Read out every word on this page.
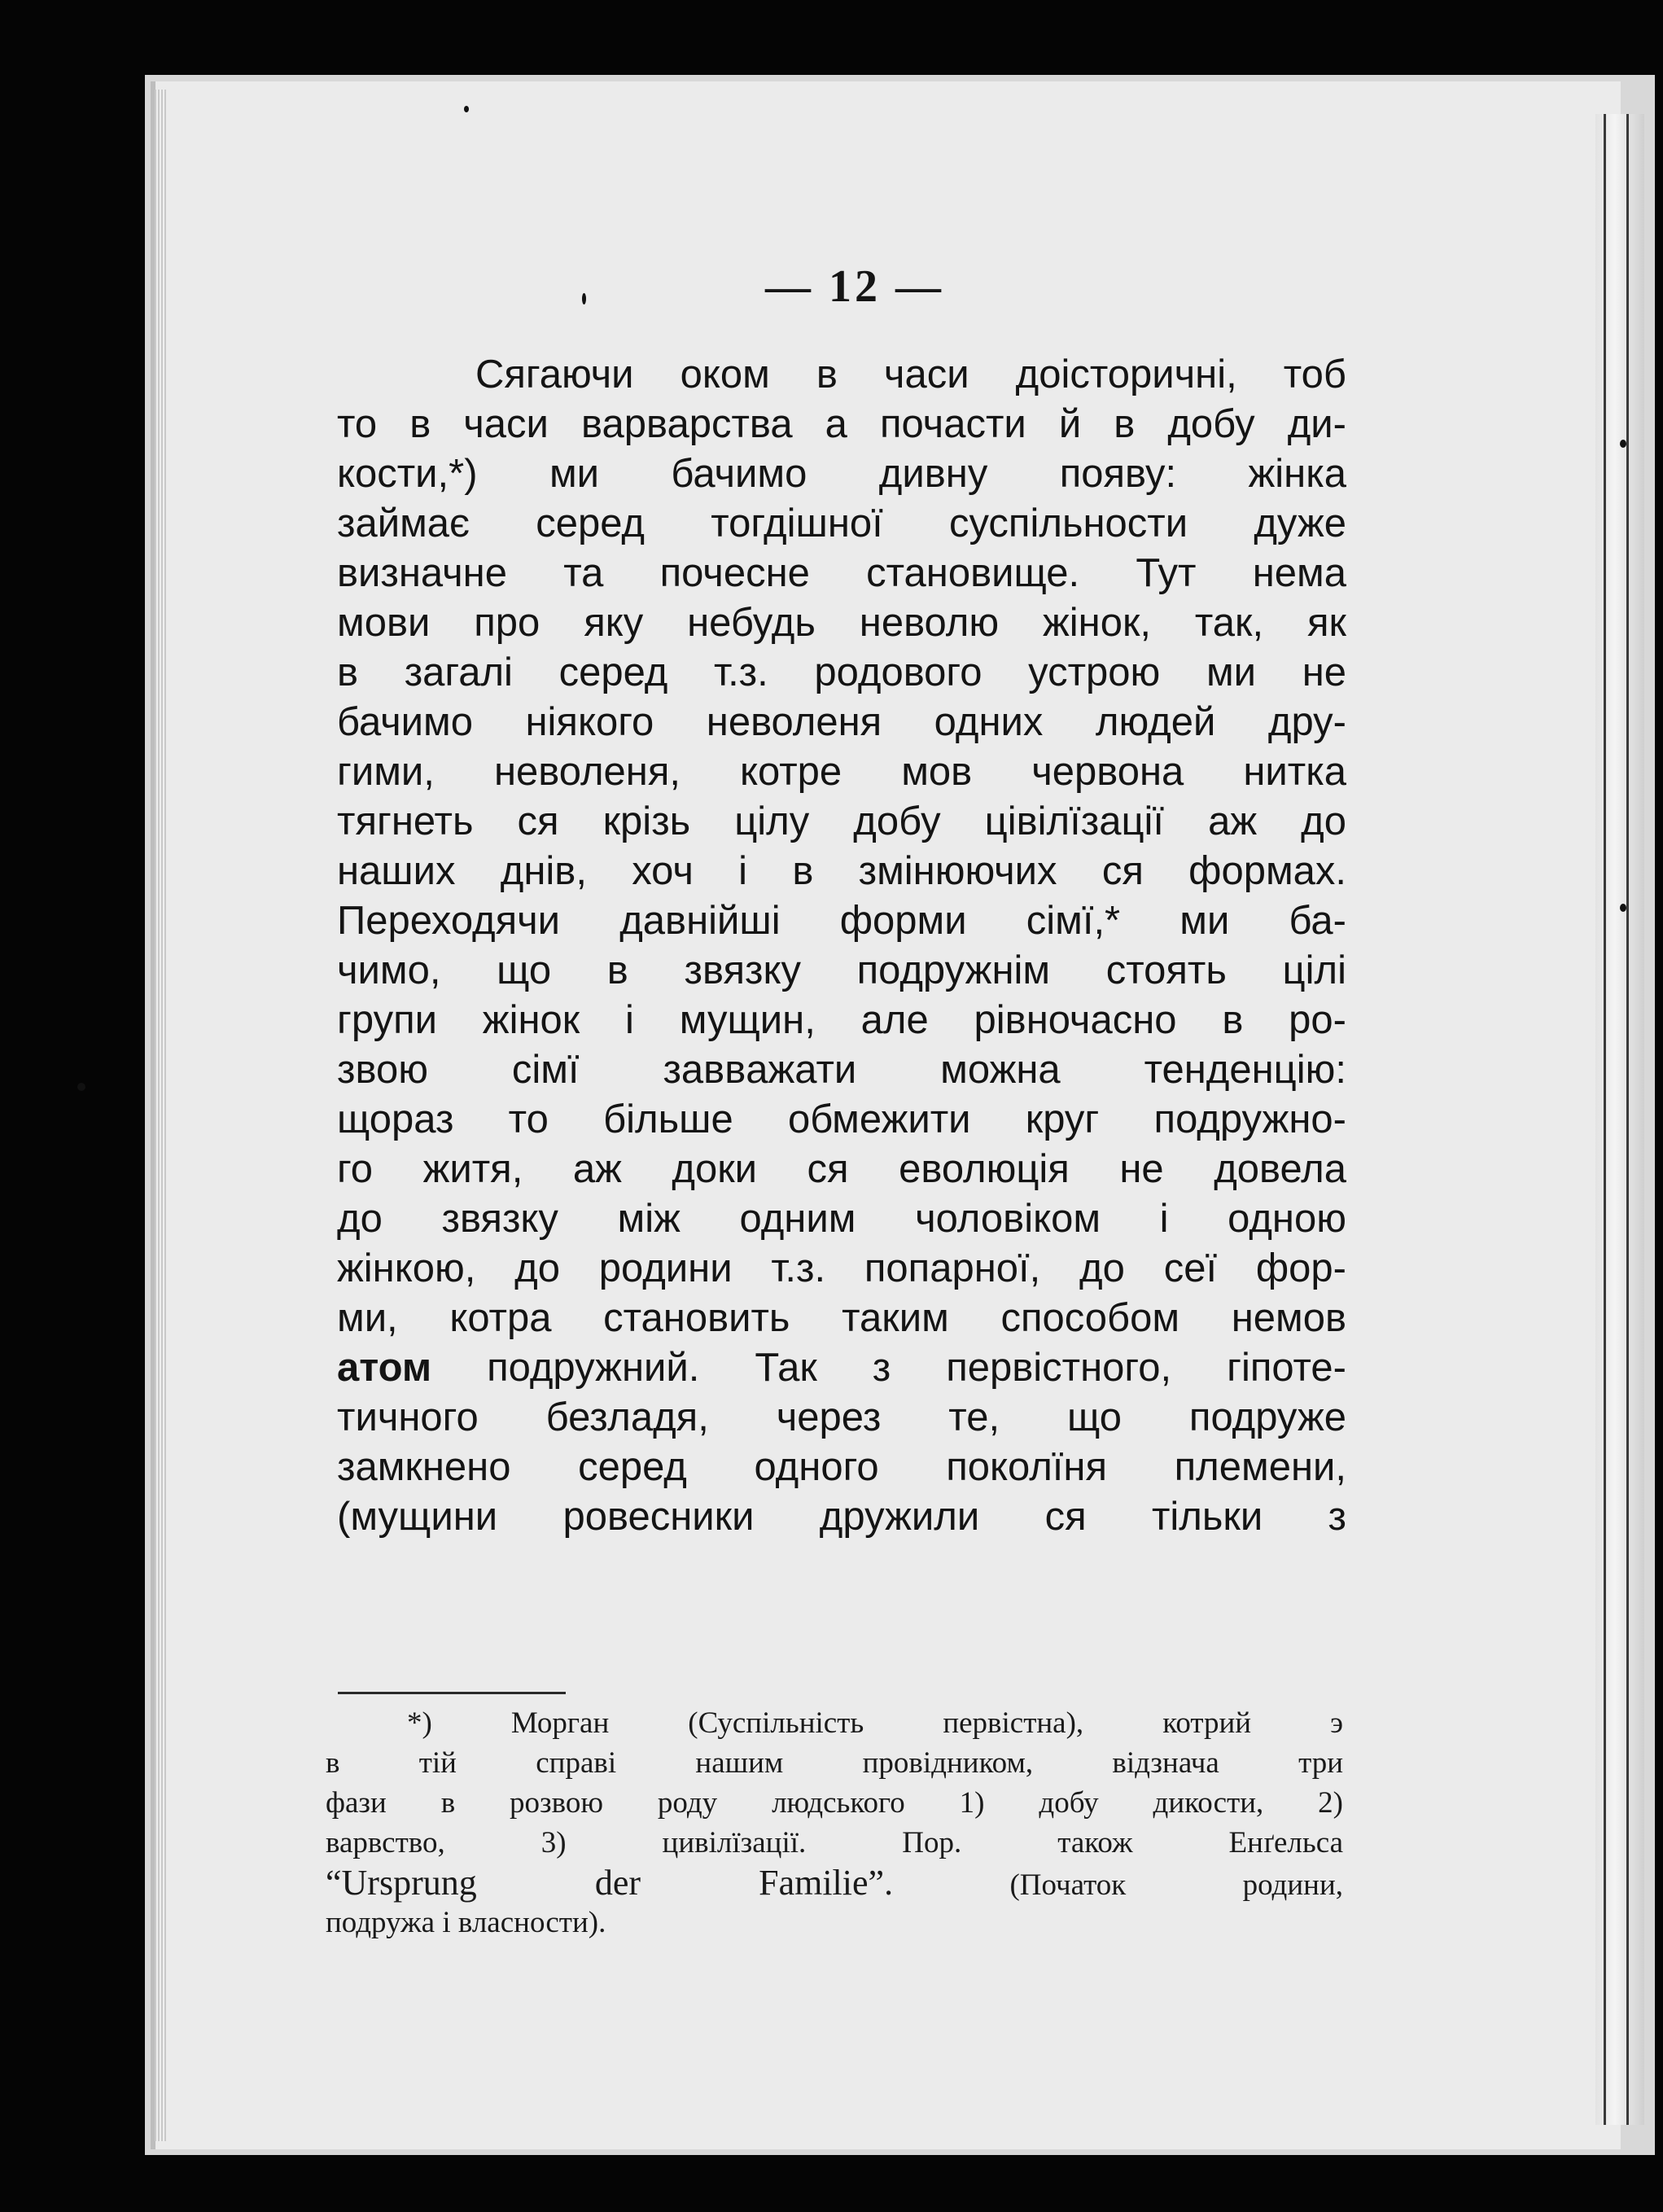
— 12 —
Сягаючи оком в часи доісторичні, тоб
то в часи варварства а почасти й в добу ди-
кости,*) ми бачимо дивну появу: жінка
займає серед тогдішної суспільности дуже
визначне та почесне становище. Тут нема
мови про яку небудь неволю жінок, так, як
в загалі серед т.з. родового устрою ми не
бачимо ніякого неволеня одних людей дру-
гими, неволеня, котре мов червона нитка
тягнеть ся крізь цілу добу цівілїзації аж до
наших днів, хоч і в змінюючих ся формах.
Переходячи давнійші форми сімї,* ми ба-
чимо, що в звязку подружнім стоять цілі
групи жінок і мущин, але рівночасно в ро-
звою сімї заввaжати можна тенденцію:
щораз то більше обмежити круг подружно-
го житя, аж доки ся еволюція не довела
до звязку між одним чоловіком і одною
жінкою, до родини т.з. попарної, до сеї фор-
ми, котра становить таким способом немов
атом подружний. Так з первістного, гіпоте-
тичного безладя, через те, що подруже
замкнено серед одного поколїня племени,
(мущини ровесники дружили ся тільки з
*) Морган (Суспільність первістна), котрий э
в тій справі нашим провідником, відзнача три
фази в розвою роду людського 1) добу дикости, 2)
варвство, 3) цивілїзації. Пор. також Енґельса
“Ursprung der Familie”.	(Початок родини,
подружа і власности).
